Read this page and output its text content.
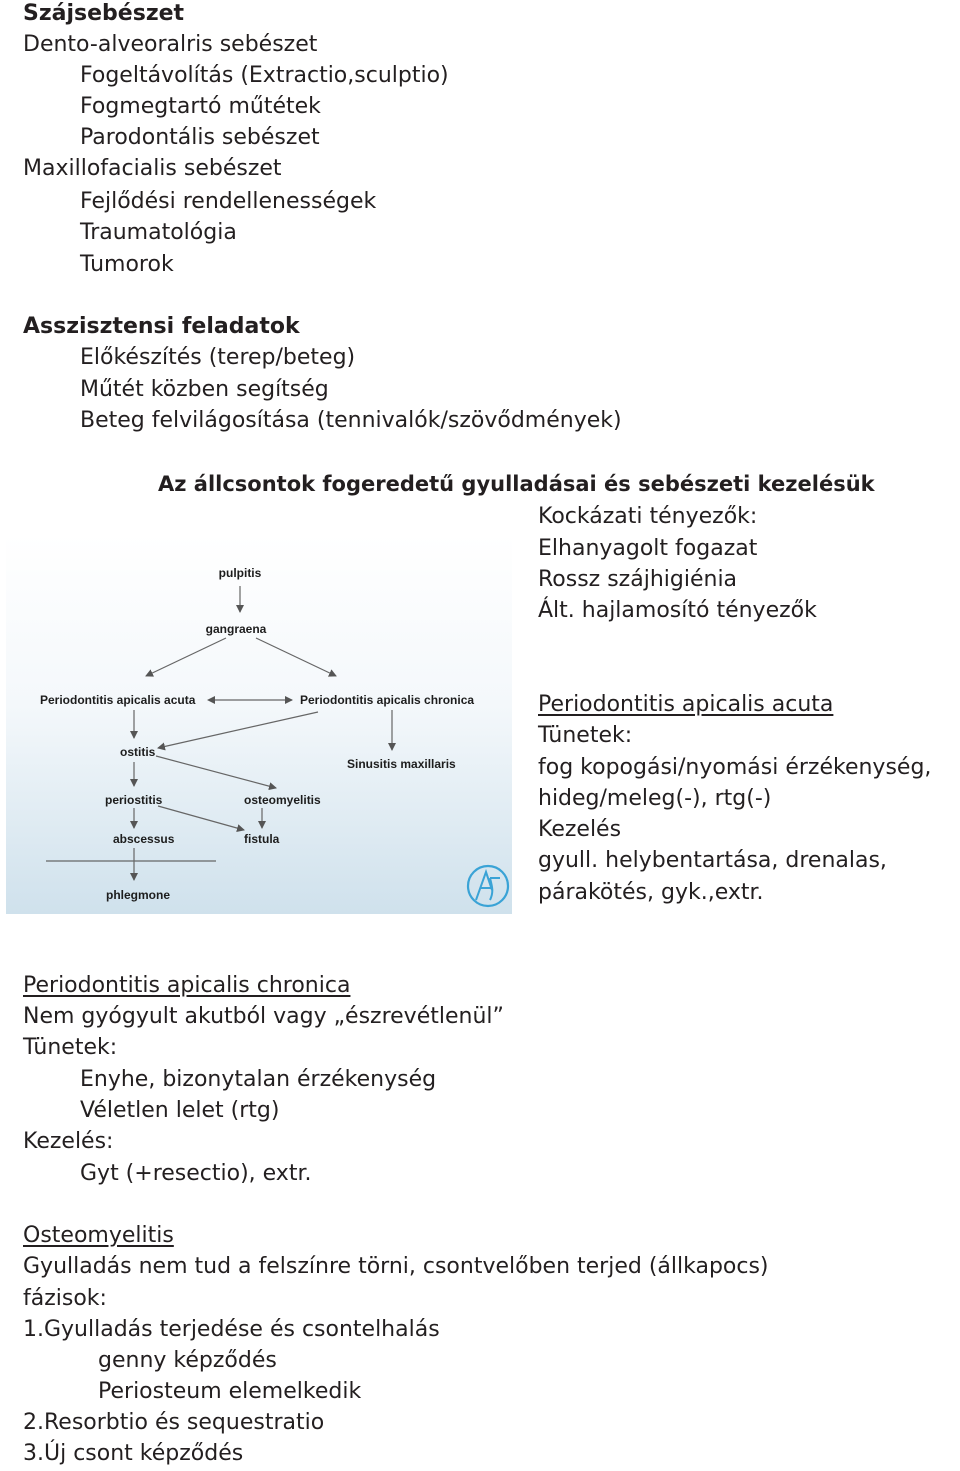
Szájsebészet
Dento-alveoralris sebészet
Fogeltávolítás (Extractio,sculptio)
Fogmegtartó műtétek
Parodontális sebészet
Maxillofacialis sebészet
Fejlődési rendellenességek
Traumatológia
Tumorok
Asszisztensi feladatok
Előkészítés (terep/beteg)
Műtét közben segítség
Beteg felvilágosítása (tennivalók/szövődmények)
Az állcsontok fogeredetű gyulladásai és sebészeti kezelésük
Kockázati tényezők:
Elhanyagolt fogazat
Rossz szájhigiénia
Ált. hajlamosító tényezők
Periodontitis apicalis acuta
Tünetek:
fog kopogási/nyomási érzékenység,
hideg/meleg(-), rtg(-)
Kezelés
gyull. helybentartása, drenalas,
párakötés, gyk.,extr.
pulpitis
gangraena
Periodontitis apicalis acuta	Periodontitis apicalis chronica
ostitis
Sinusitis maxillaris
periostitis	osteomyelitis
abscessus	fistula
phlegmone
Periodontitis apicalis chronica
Nem gyógyult akutból vagy „észrevétlenül”
Tünetek:
Enyhe, bizonytalan érzékenység
Véletlen lelet (rtg)
Kezelés:
Gyt (+resectio), extr.
Osteomyelitis
Gyulladás nem tud a felszínre törni, csontvelőben terjed (állkapocs)
fázisok:
1.Gyulladás terjedése és csontelhalás
genny képződés
Periosteum elemelkedik
2.Resorbtio és sequestratio
3.Új csont képződés
